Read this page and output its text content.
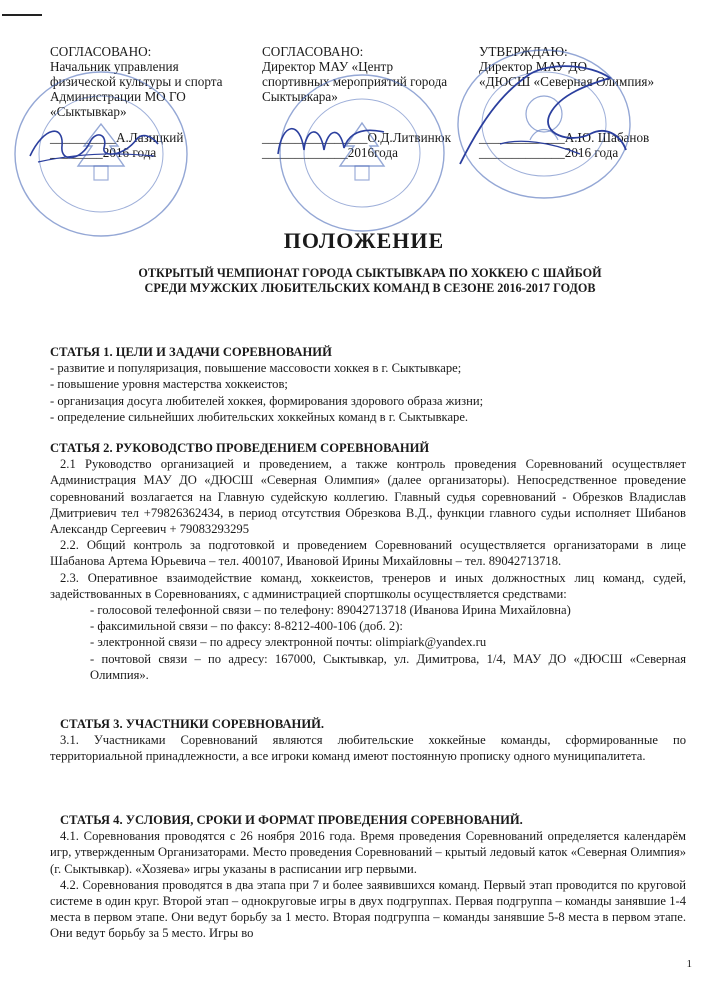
СОГЛАСОВАНО:
Начальник управления
физической культуры и спорта
Администрации МО ГО
«Сыктывкар»
__________А.Лазицкий
________2016 года
СОГЛАСОВАНО:
Директор МАУ «Центр
спортивных мероприятий города
Сыктывкара»
________________О.Д.Литвинюк
_____________2016года
УТВЕРЖДАЮ:
Директор МАУ ДО
«ДЮСШ «Северная Олимпия»
_____________А.Ю. Шабанов
_____________2016 года
ПОЛОЖЕНИЕ
ОТКРЫТЫЙ ЧЕМПИОНАТ ГОРОДА СЫКТЫВКАРА ПО ХОККЕЮ С ШАЙБОЙ
СРЕДИ МУЖСКИХ ЛЮБИТЕЛЬСКИХ КОМАНД В СЕЗОНЕ 2016-2017 ГОДОВ
СТАТЬЯ 1. ЦЕЛИ И ЗАДАЧИ СОРЕВНОВАНИЙ
- развитие и популяризация, повышение массовости хоккея в г. Сыктывкаре;
- повышение уровня мастерства хоккеистов;
- организация досуга любителей хоккея, формирования здорового образа жизни;
- определение сильнейших любительских хоккейных команд в г. Сыктывкаре.
СТАТЬЯ 2. РУКОВОДСТВО ПРОВЕДЕНИЕМ СОРЕВНОВАНИЙ
2.1 Руководство организацией и проведением, а также контроль проведения Соревнований осуществляет Администрация МАУ ДО «ДЮСШ «Северная Олимпия» (далее организаторы). Непосредственное проведение соревнований возлагается на Главную судейскую коллегию. Главный судья соревнований - Обрезков Владислав Дмитриевич тел +79826362434, в период отсутствия Обрезкова В.Д., функции главного судьи исполняет Шибанов Александр Сергеевич + 79083293295
2.2. Общий контроль за подготовкой и проведением Соревнований осуществляется организаторами в лице Шабанова Артема Юрьевича – тел. 400107, Ивановой Ирины Михайловны – тел. 89042713718.
2.3. Оперативное взаимодействие команд, хоккеистов, тренеров и иных должностных лиц команд, судей, задействованных в Соревнованиях, с администрацией спортшколы осуществляется средствами:
- голосовой телефонной связи – по телефону: 89042713718 (Иванова Ирина Михайловна)
- факсимильной связи – по факсу: 8-8212-400-106 (доб. 2):
- электронной связи – по адресу электронной почты: olimpiark@yandex.ru
- почтовой связи – по адресу: 167000, Сыктывкар, ул. Димитрова, 1/4, МАУ ДО «ДЮСШ «Северная Олимпия».
СТАТЬЯ 3. УЧАСТНИКИ СОРЕВНОВАНИЙ.
3.1. Участниками Соревнований являются любительские хоккейные команды, сформированные по территориальной принадлежности, а все игроки команд имеют постоянную прописку одного муниципалитета.
СТАТЬЯ 4. УСЛОВИЯ, СРОКИ И ФОРМАТ ПРОВЕДЕНИЯ СОРЕВНОВАНИЙ.
4.1. Соревнования проводятся с 26 ноября 2016 года. Время проведения Соревнований определяется календарём игр, утвержденным Организаторами. Место проведения Соревнований – крытый ледовый каток «Северная Олимпия» (г. Сыктывкар). «Хозяева» игры указаны в расписании игр первыми.
4.2. Соревнования проводятся в два этапа при 7 и более заявившихся команд. Первый этап проводится по круговой системе в один круг. Второй этап – однокруговые игры в двух подгруппах. Первая подгруппа – команды занявшие 1-4 места в первом этапе. Они ведут борьбу за 1 место. Вторая подгруппа – команды занявшие 5-8 места в первом этапе. Они ведут борьбу за 5 место. Игры во
1
